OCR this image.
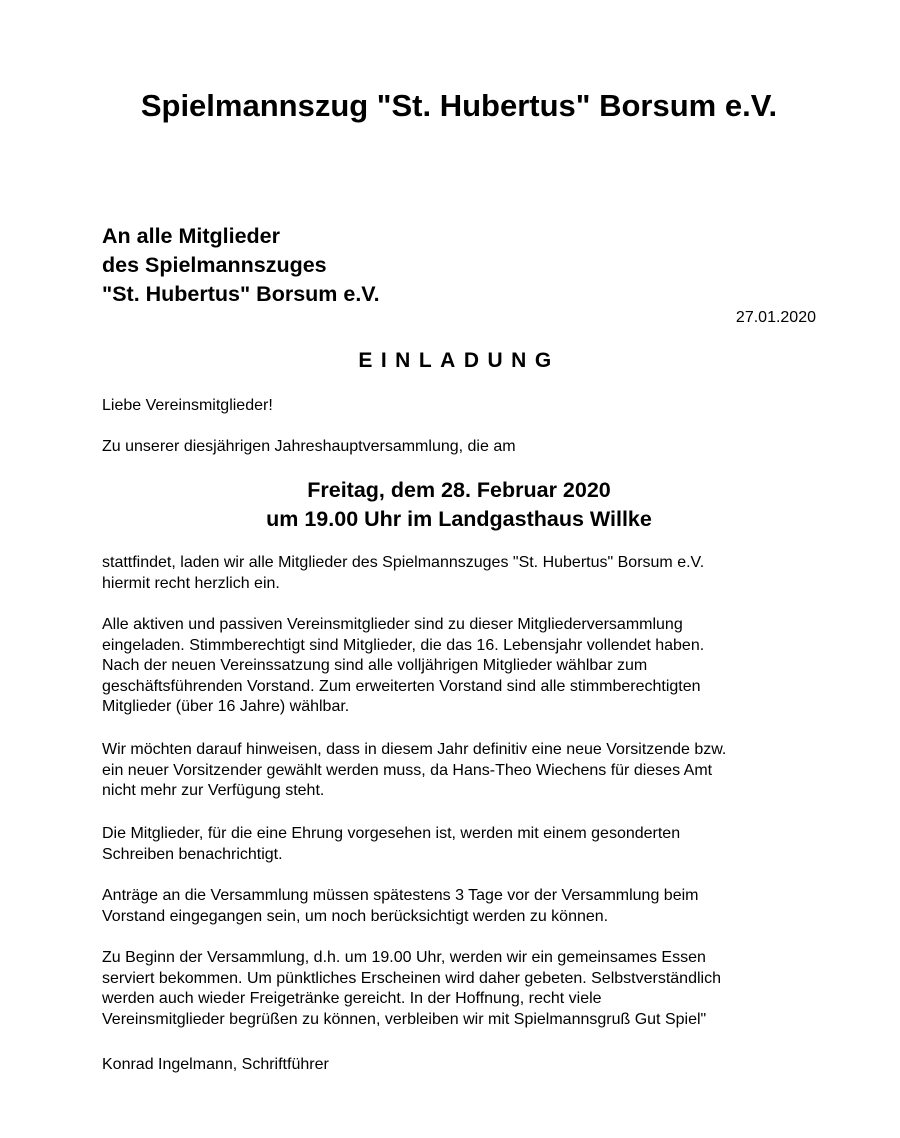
Spielmannszug "St. Hubertus" Borsum e.V.
An alle Mitglieder
des Spielmannszuges
"St. Hubertus" Borsum e.V.
27.01.2020
EINLADUNG
Liebe Vereinsmitglieder!
Zu unserer diesjährigen Jahreshauptversammlung, die am
Freitag, dem 28. Februar 2020
um 19.00 Uhr im Landgasthaus Willke
stattfindet, laden wir alle Mitglieder des Spielmannszuges "St. Hubertus" Borsum e.V.
hiermit recht herzlich ein.
Alle aktiven und passiven Vereinsmitglieder sind zu dieser Mitgliederversammlung
eingeladen. Stimmberechtigt sind Mitglieder, die das 16. Lebensjahr vollendet haben.
Nach der neuen Vereinssatzung sind alle volljährigen Mitglieder wählbar zum
geschäftsführenden Vorstand. Zum erweiterten Vorstand sind alle stimmberechtigten
Mitglieder (über 16 Jahre) wählbar.
Wir möchten darauf hinweisen, dass in diesem Jahr definitiv eine neue Vorsitzende bzw.
ein neuer Vorsitzender gewählt werden muss, da Hans-Theo Wiechens für dieses Amt
nicht mehr zur Verfügung steht.
Die Mitglieder, für die eine Ehrung vorgesehen ist, werden mit einem gesonderten
Schreiben benachrichtigt.
Anträge an die Versammlung müssen spätestens 3 Tage vor der Versammlung beim
Vorstand eingegangen sein, um noch berücksichtigt werden zu können.
Zu Beginn der Versammlung, d.h. um 19.00 Uhr, werden wir ein gemeinsames Essen
serviert bekommen. Um pünktliches Erscheinen wird daher gebeten. Selbstverständlich
werden auch wieder Freigetränke gereicht. In der Hoffnung, recht viele
Vereinsmitglieder begrüßen zu können, verbleiben wir mit Spielmannsgruß Gut Spiel"
Konrad Ingelmann, Schriftführer
